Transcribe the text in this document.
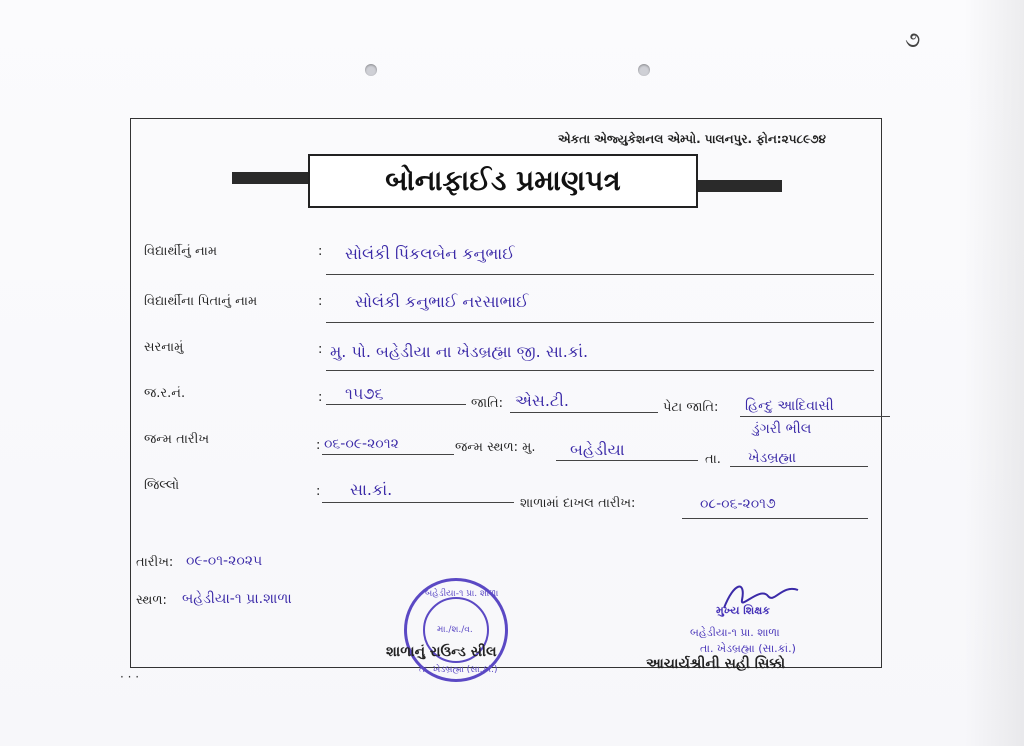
૭
એકતા એજ્યુકેશનલ એમ્પો. પાલનપુર. ફોન:૨૫૮૯૭૪
બોનાફાઈડ પ્રમાણપત્ર
વિદ્યાર્થીનું નામ	: સોલંકી પિંકલબેન કનુભાઈ
વિદ્યાર્થીના પિતાનું નામ	: સોલંકી કનુભાઈ નરસાભાઈ
સરનામું	: મુ. પો. બહેડીયા ના ખેડબ્રહ્મા જી. સા.કાં.
જ.ર.નં.	: ૧૫૭૬
જાતિ: એસ.ટી.	પેટા જાતિ: હિન્દુ આદિવાસી
ડુંગરી ભીલ
જન્મ તારીખ	: ૦૬-૦૯-૨૦૧૨	જન્મ સ્થળ: મુ. બહેડીયા
તા. ખેડબ્રહ્મા
જિલ્લો	: સા.કાં.
શાળામાં દાખલ તારીખ:	૦૮-૦૬-૨૦૧૭
તારીખ: ૦૯-૦૧-૨૦૨૫
સ્થળ: બહેડીયા-૧ પ્રા.શાળા	બહેડીયા-૧ પ્રા. શાળા
મા./શ./વ.
તા. ખેડબ્રહ્મા (સા.કાં.)
શાળાનું રાઉન્ડ સીલ
મુખ્ય શિક્ષક
બહેડીયા-૧ પ્રા. શાળા
તા. ખેડબ્રહ્મા (સા.કાં.)
આચાર્યશ્રીની સહી સિક્કો
· · ·
